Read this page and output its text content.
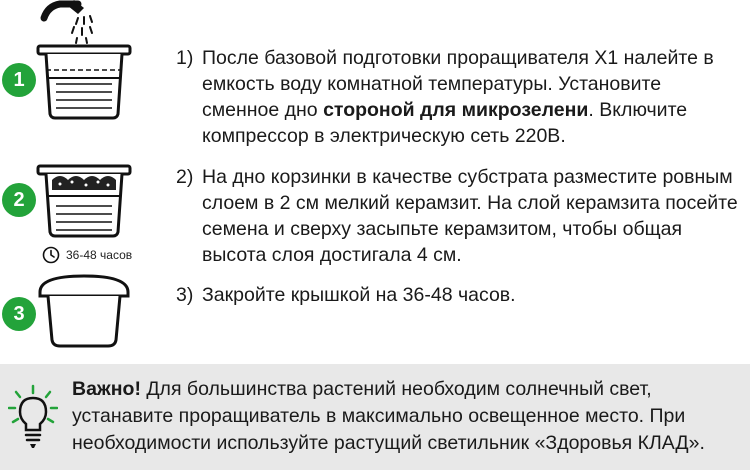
1
2
3
36-48 часов
1) После базовой подготовки проращивателя Х1 налейте в емкость воду комнатной температуры. Установите сменное дно стороной для микрозелени. Включите компрессор в электрическую сеть 220В.
2) На дно корзинки в качестве субстрата разместите ровным слоем в 2 см мелкий керамзит. На слой керамзита посейте семена и сверху засыпьте керамзитом, чтобы общая высота слоя достигала 4 см.
3) Закройте крышкой на 36-48 часов.
Важно! Для большинства растений необходим солнечный свет, устанавите проращиватель в максимально освещенное место. При необходимости используйте растущий светильник «Здоровья КЛАД».
